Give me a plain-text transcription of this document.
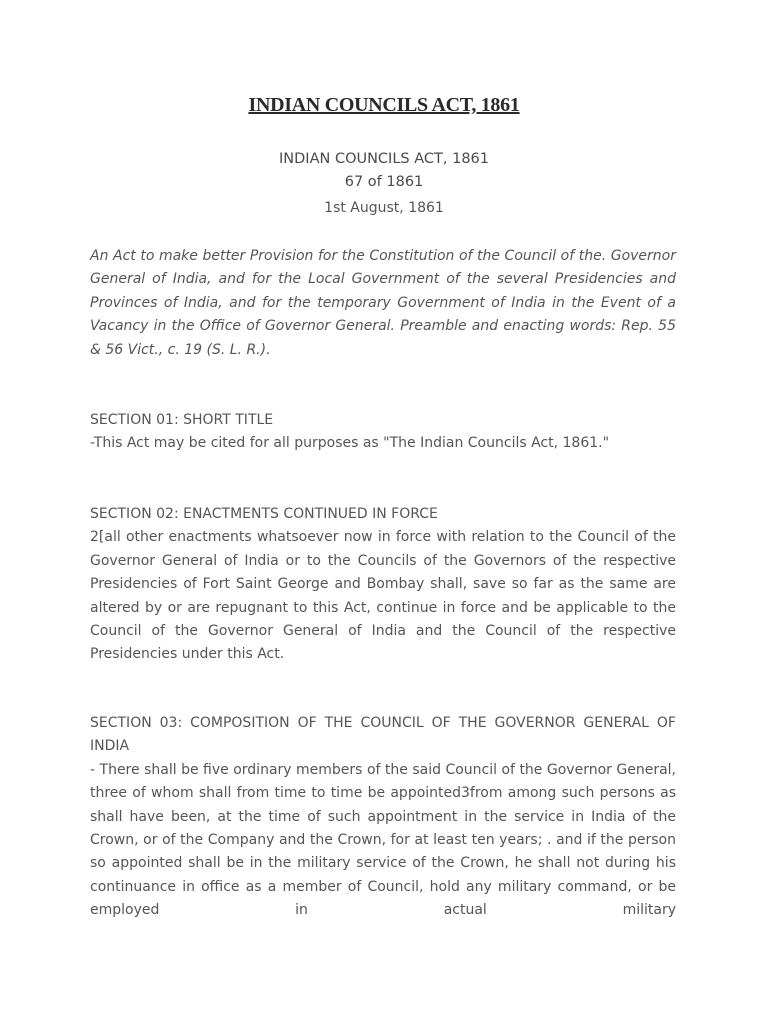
INDIAN COUNCILS ACT, 1861
INDIAN COUNCILS ACT, 1861
67 of 1861
1st August, 1861
An Act to make better Provision for the Constitution of the Council of the. Governor General of India, and for the Local Government of the several Presidencies and Provinces of India, and for the temporary Government of India in the Event of a Vacancy in the Office of Governor General. Preamble and enacting words: Rep. 55 & 56 Vict., c. 19 (S. L. R.).
SECTION 01: SHORT TITLE
-This Act may be cited for all purposes as "The Indian Councils Act, 1861."
SECTION 02: ENACTMENTS CONTINUED IN FORCE
2[all other enactments whatsoever now in force with relation to the Council of the Governor General of India or to the Councils of the Governors of the respective Presidencies of Fort Saint George and Bombay shall, save so far as the same are altered by or are repugnant to this Act, continue in force and be applicable to the Council of the Governor General of India and the Council of the respective Presidencies under this Act.
SECTION 03: COMPOSITION OF THE COUNCIL OF THE GOVERNOR GENERAL OF INDIA
- There shall be five ordinary members of the said Council of the Governor General, three of whom shall from time to time be appointed3from among such persons as shall have been, at the time of such appointment in the service in India of the Crown, or of the Company and the Crown, for at least ten years; . and if the person so appointed shall be in the military service of the Crown, he shall not during his continuance in office as a member of Council, hold any military command, or be employed in actual military
